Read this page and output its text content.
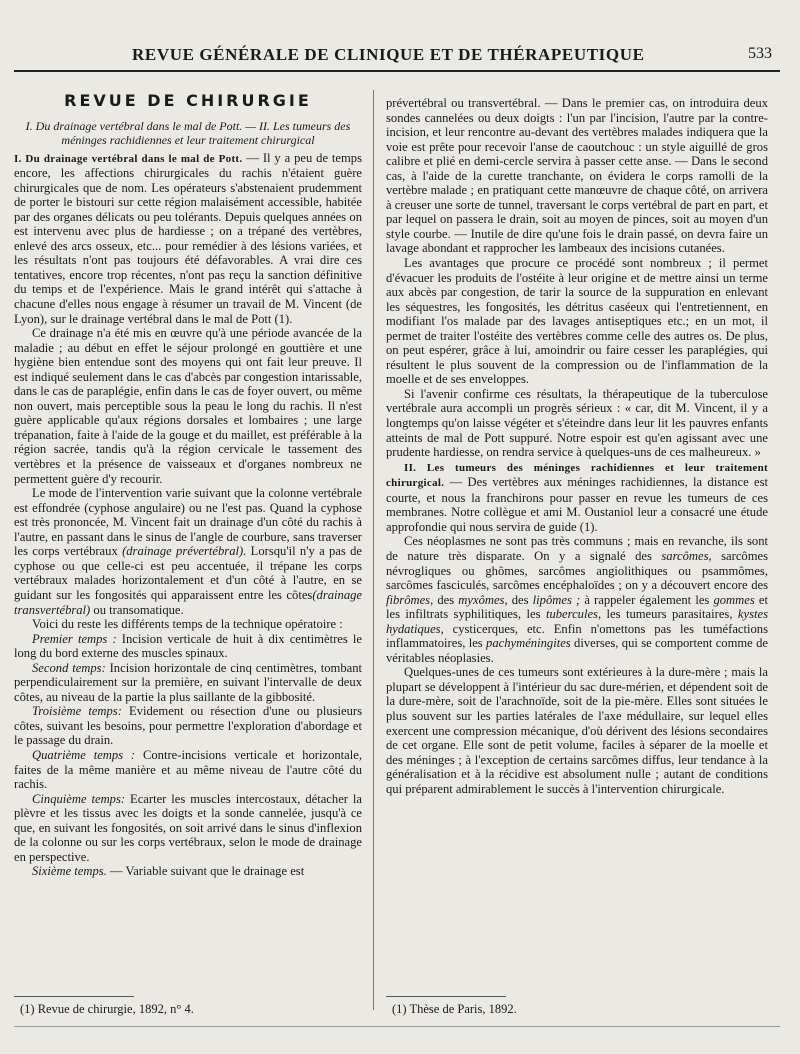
REVUE GÉNÉRALE DE CLINIQUE ET DE THÉRAPEUTIQUE	533
REVUE DE CHIRURGIE
I. Du drainage vertébral dans le mal de Pott. — II. Les tumeurs des méninges rachidiennes et leur traitement chirurgical

I. Du drainage vertébral dans le mal de Pott. — Il y a peu de temps encore, les affections chirurgicales du rachis n'étaient guère chirurgicales que de nom. Les opérateurs s'abstenaient prudemment de porter le bistouri sur cette région malaisément accessible, habitée par des organes délicats ou peu tolérants. Depuis quelques années on est intervenu avec plus de hardiesse ; on a trépané des vertèbres, enlevé des arcs osseux, etc... pour remédier à des lésions variées, et les résultats n'ont pas toujours été défavorables. A vrai dire ces tentatives, encore trop récentes, n'ont pas reçu la sanction définitive du temps et de l'expérience. Mais le grand intérêt qui s'attache à chacune d'elles nous engage à résumer un travail de M. Vincent (de Lyon), sur le drainage vertébral dans le mal de Pott (1).

Ce drainage n'a été mis en œuvre qu'à une période avancée de la maladie ; au début en effet le séjour prolongé en gouttière et une hygiène bien entendue sont des moyens qui ont fait leur preuve. Il est indiqué seulement dans le cas d'abcès par congestion intarissable, dans le cas de paraplégie, enfin dans le cas de foyer ouvert, ou même non ouvert, mais perceptible sous la peau le long du rachis. Il n'est guère applicable qu'aux régions dorsales et lombaires ; une large trépanation, faite à l'aide de la gouge et du maillet, est préférable à la région sacrée, tandis qu'à la région cervicale le tassement des vertèbres et la présence de vaisseaux et d'organes nombreux ne permettent guère d'y recourir.

Le mode de l'intervention varie suivant que la colonne vertébrale est effondrée (cyphose angulaire) ou ne l'est pas. Quand la cyphose est très prononcée, M. Vincent fait un drainage d'un côté du rachis à l'autre, en passant dans le sinus de l'angle de courbure, sans traverser les corps vertébraux (drainage prévertébral). Lorsqu'il n'y a pas de cyphose ou que celle-ci est peu accentuée, il trépane les corps vertébraux malades horizontalement et d'un côté à l'autre, en se guidant sur les fongosités qui apparaissent entre les côtes(drainage transvertébral) ou transomatique.

Voici du reste les différents temps de la technique opératoire :

Premier temps : Incision verticale de huit à dix centimètres le long du bord externe des muscles spinaux.

Second temps: Incision horizontale de cinq centimètres, tombant perpendiculairement sur la première, en suivant l'intervalle de deux côtes, au niveau de la partie la plus saillante de la gibbosité.

Troisième temps: Evidement ou résection d'une ou plusieurs côtes, suivant les besoins, pour permettre l'exploration d'abordage et le passage du drain.

Quatrième temps : Contre-incisions verticale et horizontale, faites de la même manière et au même niveau de l'autre côté du rachis.

Cinquième temps: Ecarter les muscles intercostaux, détacher la plèvre et les tissus avec les doigts et la sonde cannelée, jusqu'à ce que, en suivant les fongosités, on soit arrivé dans le sinus d'inflexion de la colonne ou sur les corps vertébraux, selon le mode de drainage en perspective.

Sixième temps. — Variable suivant que le drainage est

prévertébral ou transvertébral. — Dans le premier cas, on introduira deux sondes cannelées ou deux doigts : l'un par l'incision, l'autre par la contre-incision, et leur rencontre au-devant des vertèbres malades indiquera que la voie est prête pour recevoir l'anse de caoutchouc : un style aiguillé de gros calibre et plié en demi-cercle servira à passer cette anse. — Dans le second cas, à l'aide de la curette tranchante, on évidera le corps ramolli de la vertèbre malade ; en pratiquant cette manœuvre de chaque côté, on arrivera à creuser une sorte de tunnel, traversant le corps vertébral de part en part, et par lequel on passera le drain, soit au moyen de pinces, soit au moyen d'un style courbe. — Inutile de dire qu'une fois le drain passé, on devra faire un lavage abondant et rapprocher les lambeaux des incisions cutanées.

Les avantages que procure ce procédé sont nombreux ; il permet d'évacuer les produits de l'ostéite à leur origine et de mettre ainsi un terme aux abcès par congestion, de tarir la source de la suppuration en enlevant les séquestres, les fongosités, les détritus caséeux qui l'entretiennent, en modifiant l'os malade par des lavages antiseptiques etc.; en un mot, il permet de traiter l'ostéite des vertèbres comme celle des autres os. De plus, on peut espérer, grâce à lui, amoindrir ou faire cesser les paraplégies, qui résultent le plus souvent de la compression ou de l'inflammation de la moelle et de ses enveloppes.

Si l'avenir confirme ces résultats, la thérapeutique de la tuberculose vertébrale aura accompli un progrès sérieux : « car, dit M. Vincent, il y a longtemps qu'on laisse végéter et s'éteindre dans leur lit les pauvres enfants atteints de mal de Pott suppuré. Notre espoir est qu'en agissant avec une prudente hardiesse, on rendra service à quelques-uns de ces malheureux. »

II. Les tumeurs des méninges rachidiennes et leur traitement chirurgical. — Des vertèbres aux méninges rachidiennes, la distance est courte, et nous la franchirons pour passer en revue les tumeurs de ces membranes. Notre collègue et ami M. Oustaniol leur a consacré une étude approfondie qui nous servira de guide (1).

Ces néoplasmes ne sont pas très communs ; mais en revanche, ils sont de nature très disparate. On y a signalé des sarcômes, sarcômes névrogliques ou ghômes, sarcômes angiolithiques ou psammômes, sarcômes fasciculés, sarcômes encéphaloïdes ; on y a découvert encore des fibrômes, des myxômes, des lipômes ; à rappeler également les gommes et les infiltrats syphilitiques, les tubercules, les tumeurs parasitaires, kystes hydatiques, cysticerques, etc. Enfin n'omettons pas les tuméfactions inflammatoires, les pachyméningites diverses, qui se comportent comme de véritables néoplasies.

Quelques-unes de ces tumeurs sont extérieures à la dure-mère ; mais la plupart se développent à l'intérieur du sac dure-mérien, et dépendent soit de la dure-mère, soit de l'arachnoïde, soit de la pie-mère. Elles sont situées le plus souvent sur les parties latérales de l'axe médullaire, sur lequel elles exercent une compression mécanique, d'où dérivent des lésions secondaires de cet organe. Elle sont de petit volume, faciles à séparer de la moelle et des méninges ; à l'exception de certains sarcômes diffus, leur tendance à la généralisation et à la récidive est absolument nulle ; autant de conditions qui préparent admirablement le succès à l'intervention chirurgicale.

(1) Revue de chirurgie, 1892, n° 4.	(1) Thèse de Paris, 1892.
